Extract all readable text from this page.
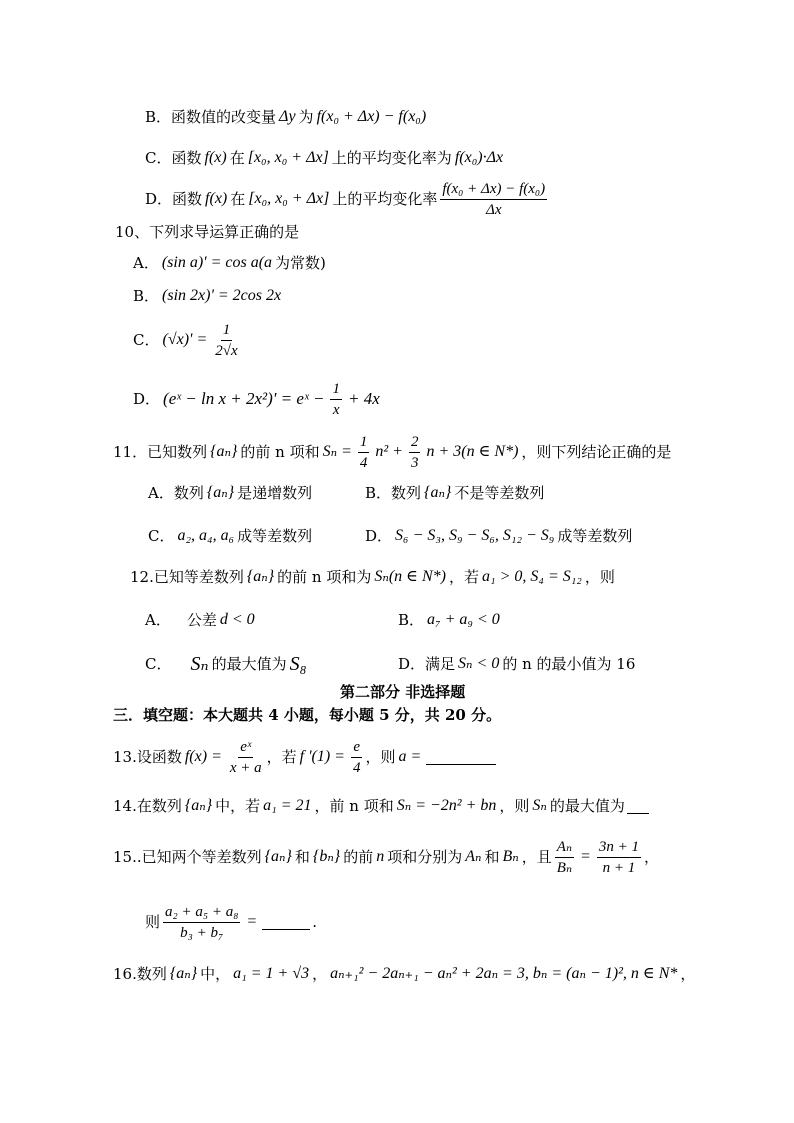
B． 函数值的改变量 Δy 为 f(x₀ + Δx) − f(x₀)
C． 函数 f(x) 在 [x₀, x₀ + Δx] 上的平均变化率为 f(x₀)·Δx
D． 函数 f(x) 在 [x₀, x₀ + Δx] 上的平均变化率 $\frac{\text{f(x₀ + Δx) − f(x₀)}}{\Delta x}$
10、下列求导运算正确的是
A． (sin a)' = cos a(a 为常数)
B． (sin 2x)' = 2cos 2x
C． $(√x)' = \frac{1}{2√x}$
D． (eˣ − ln x + 2x²)' = eˣ − $\frac{1}{x} + 4x$
11．已知数列 {aₙ} 的前 n 项和 $S_n = \frac{1}{4} n^2 + \frac{2}{3}$ n + 3(n ∈ N*) ，则下列结论正确的是
A． 数列 {aₙ} 是递增数列	B． 数列 {aₙ} 不是等差数列
C． a₂, a₄, a₆ 成等差数列	D． S₆ − S₃, S₉ − S₆, S₁₂ − S₉ 成等差数列
12.已知等差数列 {aₙ} 的前 n 项和为 Sₙ(n ∈ N*) ，若 a₁ > 0, S₄ = S₁₂ ，则
A． 公差 d < 0	B． a₇ + a₉ < 0
C． Sₙ 的最大值为 S₈	D． 满足 Sₙ < 0 的 n 的最小值为 16
第二部分 非选择题
三．填空题：本大题共 4 小题，每小题 5 分，共 20 分。
13.设函数 $f(x) = \frac{\text{eˣ}}{x + a}$ ，若 f '$(1) = \frac{e}{4}$ ，则 a =
14.在数列 {aₙ} 中，若 a₁ = 21 ，前 n 项和 Sₙ = −2n² + bn ，则 Sₙ 的最大值为
15..已知两个等差数列 {aₙ} 和 {bₙ} 的前 n 项和分别为 Aₙ 和 Bₙ ，且 $\frac{\text{Aₙ}}{\text{Bₙ}} = \frac{3n + 1}{n + 1}$ ，
则 $\frac{\text{a₂ + a₅ + a₈}}{\text{b₃ + b₇}}$ =	.
16.数列 {aₙ} 中， a₁ = 1 + √3 ， aₙ₊₁² − 2aₙ₊₁ − aₙ² + 2aₙ = 3, bₙ = (aₙ − 1)², n ∈ N* ，
